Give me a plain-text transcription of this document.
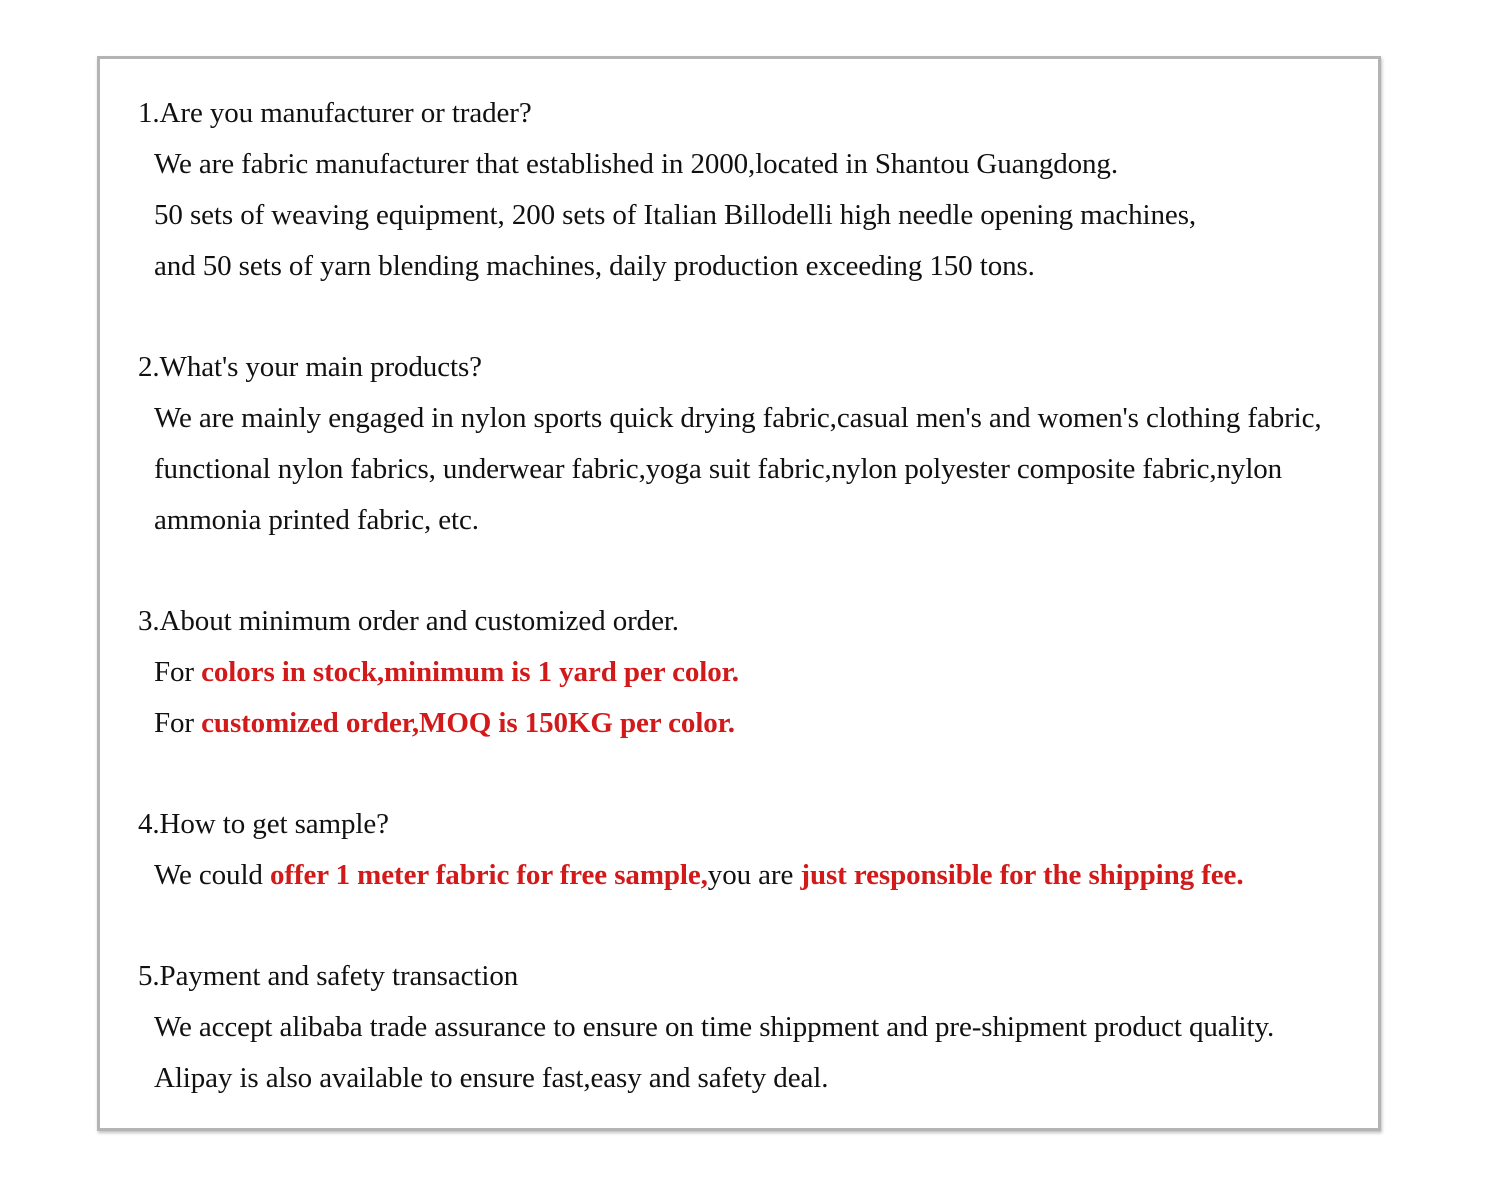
1.Are you manufacturer or trader?
We are fabric manufacturer that established in 2000,located in Shantou Guangdong.
50 sets of weaving equipment, 200 sets of Italian Billodelli high needle opening machines,
and 50 sets of yarn blending machines, daily production exceeding 150 tons.
2.What's your main products?
We are mainly engaged in nylon sports quick drying fabric,casual men's and women's clothing fabric,
functional nylon fabrics, underwear fabric,yoga suit fabric,nylon polyester composite fabric,nylon
ammonia printed fabric, etc.
3.About minimum order and customized order.
For colors in stock,minimum is 1 yard per color.
For customized order,MOQ is 150KG per color.
4.How to get sample?
We could offer 1 meter fabric for free sample,you are just responsible for the shipping fee.
5.Payment and safety transaction
We accept alibaba trade assurance to ensure on time shippment and pre-shipment product quality.
Alipay is also available to ensure fast,easy and safety deal.
